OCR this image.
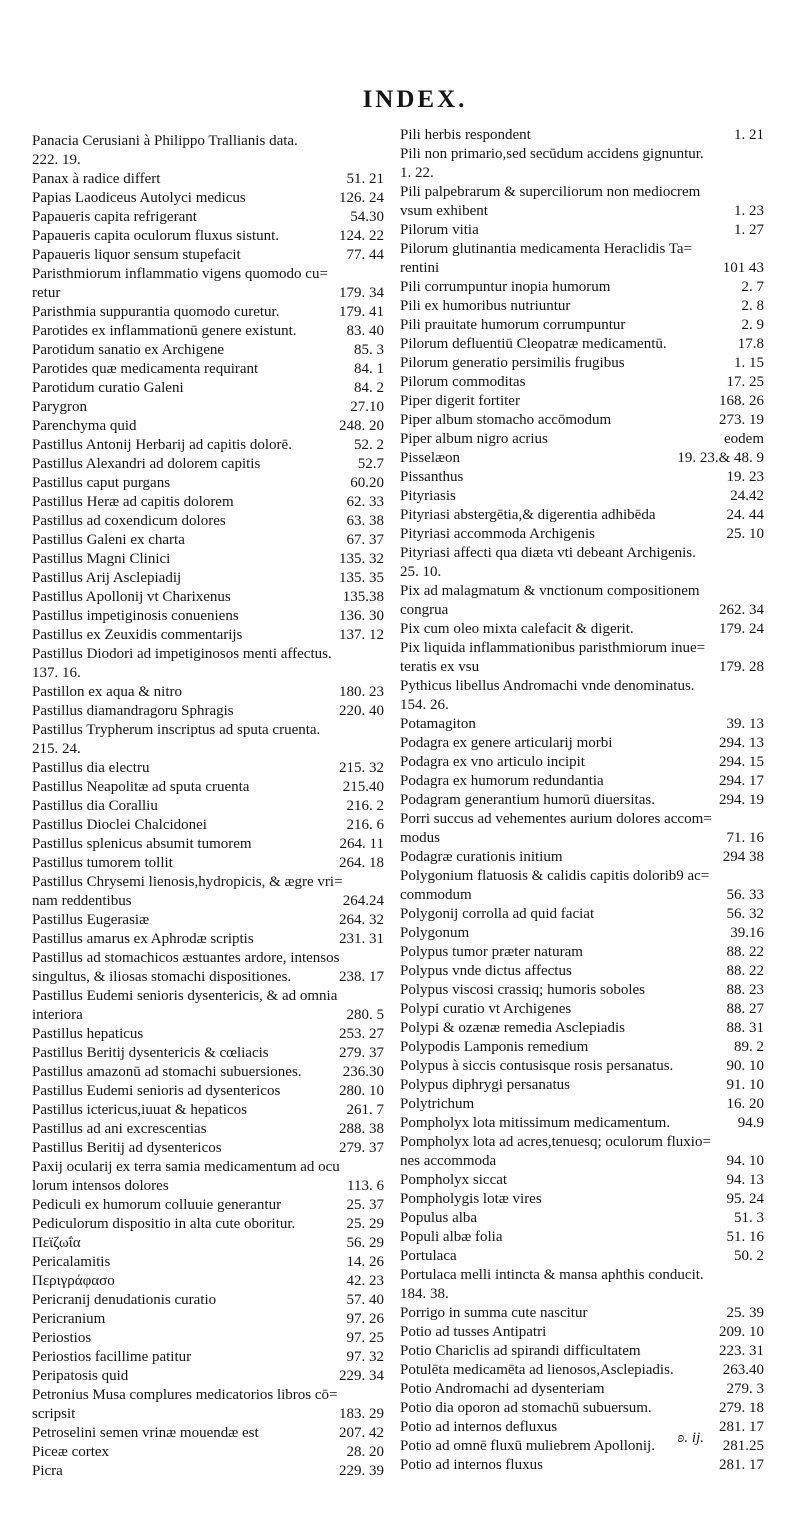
INDEX.
Panacia Cerusiani à Philippo Trallianis data.
222. 19.
Panax à radice differt	51. 21
Papias Laodiceus Autolyci medicus	126. 24
Papaueris capita refrigerant	54.30
Papaueris capita oculorum fluxus sistunt.	124. 22
Papaueris liquor sensum stupefacit	77. 44
Paristhmiorum inflammatio vigens quomodo cu=
retur	179. 34
Paristhmia suppurantia quomodo curetur.	179. 41
Parotides ex inflammationū genere existunt.	83. 40
Parotidum sanatio ex Archigene	85. 3
Parotides quæ medicamenta requirant	84. 1
Parotidum curatio Galeni	84. 2
Parygron	27.10
Parenchyma quid	248. 20
Pastillus Antonij Herbarij ad capitis dolorē.	52. 2
Pastillus Alexandri ad dolorem capitis	52.7
Pastillus caput purgans	60.20
Pastillus Heræ ad capitis dolorem	62. 33
Pastillus ad coxendicum dolores	63. 38
Pastillus Galeni ex charta	67. 37
Pastillus Magni Clinici	135. 32
Pastillus Arij Asclepiadij	135. 35
Pastillus Apollonij vt Charixenus	135.38
Pastillus impetiginosis conueniens	136. 30
Pastillus ex Zeuxidis commentarijs	137. 12
Pastillus Diodori ad impetiginosos menti affectus.
137. 16.
Pastillon ex aqua & nitro	180. 23
Pastillus diamandragoru Sphragis	220. 40
Pastillus Trypherum inscriptus ad sputa cruenta.
215. 24.
Pastillus dia electru	215. 32
Pastillus Neapolitæ ad sputa cruenta	215.40
Pastillus dia Coralliu	216. 2
Pastillus Dioclei Chalcidonei	216. 6
Pastillus splenicus absumit tumorem	264. 11
Pastillus tumorem tollit	264. 18
Pastillus Chrysemi lienosis,hydropicis, & ægre vri=
nam reddentibus	264.24
Pastillus Eugerasiæ	264. 32
Pastillus amarus ex Aphrodæ scriptis	231. 31
Pastillus ad stomachicos æstuantes ardore, intensos
singultus, & iliosas stomachi dispositiones.	238. 17
Pastillus Eudemi senioris dysentericis, & ad omnia
interiora	280. 5
Pastillus hepaticus	253. 27
Pastillus Beritij dysentericis & cœliacis	279. 37
Pastillus amazonū ad stomachi subuersiones.	236.30
Pastillus Eudemi senioris ad dysentericos	280. 10
Pastillus ictericus,iuuat & hepaticos	261. 7
Pastillus ad ani excrescentias	288. 38
Pastillus Beritij ad dysentericos	279. 37
Paxij ocularij ex terra samia medicamentum ad ocu
lorum intensos dolores	113. 6
Pediculi ex humorum colluuie generantur	25. 37
Pediculorum dispositio in alta cute oboritur.	25. 29
Πεϊζωΐα	56. 29
Pericalamitis	14. 26
Περιγράφασο	42. 23
Pericranij denudationis curatio	57. 40
Pericranium	97. 26
Periostios	97. 25
Periostios facillime patitur	97. 32
Peripatosis quid	229. 34
Petronius Musa complures medicatorios libros cō=
scripsit	183. 29
Petroselini semen vrinæ mouendæ est	207. 42
Piceæ cortex	28. 20
Picra	229. 39
Pili herbis respondent	1. 21
Pili non primario,sed secūdum accidens gignuntur.
1. 22.
Pili palpebrarum & superciliorum non mediocrem
vsum exhibent	1. 23
Pilorum vitia	1. 27
Pilorum glutinantia medicamenta Heraclidis Ta=
rentini	101 43
Pili corrumpuntur inopia humorum	2. 7
Pili ex humoribus nutriuntur	2. 8
Pili prauitate humorum corrumpuntur	2. 9
Pilorum defluentiū Cleopatræ medicamentū.	17.8
Pilorum generatio persimilis frugibus	1. 15
Pilorum commoditas	17. 25
Piper digerit fortiter	168. 26
Piper album stomacho accōmodum	273. 19
Piper album nigro acrius	eodem
Pisselæon	19. 23.& 48. 9
Pissanthus	19. 23
Pityriasis	24.42
Pityriasi abstergētia,& digerentia adhibēda	24. 44
Pityriasi accommoda Archigenis	25. 10
Pityriasi affecti qua diæta vti debeant Archigenis.
25. 10.
Pix ad malagmatum & vnctionum compositionem
congrua	262. 34
Pix cum oleo mixta calefacit & digerit.	179. 24
Pix liquida inflammationibus paristhmiorum inue=
teratis ex vsu	179. 28
Pythicus libellus Andromachi vnde denominatus.
154. 26.
Potamagiton	39. 13
Podagra ex genere articularij morbi	294. 13
Podagra ex vno articulo incipit	294. 15
Podagra ex humorum redundantia	294. 17
Podagram generantium humorū diuersitas.	294. 19
Porri succus ad vehementes aurium dolores accom=
modus	71. 16
Podagræ curationis initium	294 38
Polygonium flatuosis & calidis capitis dolorib9 ac=
commodum	56. 33
Polygonij corrolla ad quid faciat	56. 32
Polygonum	39.16
Polypus tumor præter naturam	88. 22
Polypus vnde dictus affectus	88. 22
Polypus viscosi crassiq; humoris soboles	88. 23
Polypi curatio vt Archigenes	88. 27
Polypi & ozænæ remedia Asclepiadis	88. 31
Polypodis Lamponis remedium	89. 2
Polypus à siccis contusisque rosis persanatus.	90. 10
Polypus diphrygi persanatus	91. 10
Polytrichum	16. 20
Pompholyx lota mitissimum medicamentum.	94.9
Pompholyx lota ad acres,tenuesq; oculorum fluxio=
nes accommoda	94. 10
Pompholyx siccat	94. 13
Pompholygis lotæ vires	95. 24
Populus alba	51. 3
Populi albæ folia	51. 16
Portulaca	50. 2
Portulaca melli intincta & mansa aphthis conducit.
184. 38.
Porrigo in summa cute nascitur	25. 39
Potio ad tusses Antipatri	209. 10
Potio Chariclis ad spirandi difficultatem	223. 31
Potulēta medicamēta ad lienosos,Asclepiadis.	263.40
Potio Andromachi ad dysenteriam	279. 3
Potio dia oporon ad stomachū subuersum.	279. 18
Potio ad internos defluxus	281. 17
Potio ad omnē fluxū muliebrem Apollonij.	281.25
Potio ad internos fluxus	281. 17
ʚ. ij.
